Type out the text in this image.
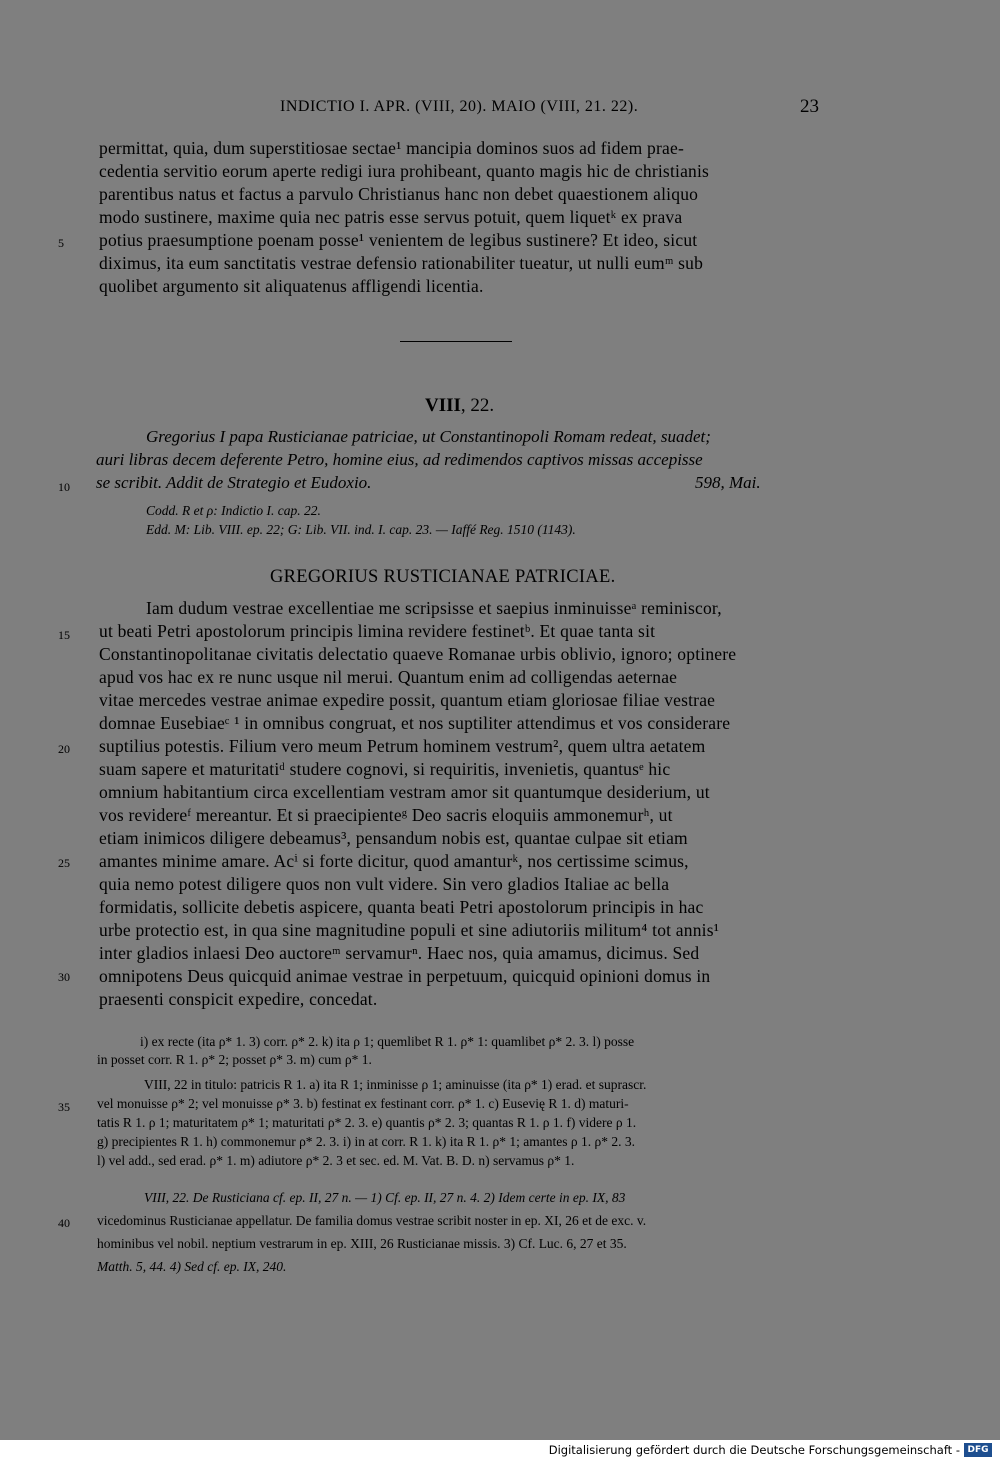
INDICTIO I. APR. (VIII, 20). MAIO (VIII, 21. 22).	23
permittat, quia, dum superstitiosae sectae¹ mancipia dominos suos ad fidem prae-
cedentia servitio eorum aperte redigi iura prohibeant, quanto magis hic de christianis
parentibus natus et factus a parvulo Christianus hanc non debet quaestionem aliquo
modo sustinere, maxime quia nec patris esse servus potuit, quem liquetᵏ ex prava
potius praesumptione poenam posse¹ venientem de legibus sustinere? Et ideo, sicut
diximus, ita eum sanctitatis vestrae defensio rationabiliter tueatur, ut nulli eumᵐ sub
quolibet argumento sit aliquatenus affligendi licentia.
5
VIII, 22.
Gregorius I papa Rusticianae patriciae, ut Constantinopoli Romam redeat, suadet;
auri libras decem deferente Petro, homine eius, ad redimendos captivos missas accepisse
se scribit. Addit de Strategio et Eudoxio.	598, Mai.
10
Codd. R et ρ: Indictio I. cap. 22.
Edd. M: Lib. VIII. ep. 22; G: Lib. VII. ind. I. cap. 23. — Iaffé Reg. 1510 (1143).
GREGORIUS RUSTICIANAE PATRICIAE.
Iam dudum vestrae excellentiae me scripsisse et saepius inminuisseᵃ reminiscor,
ut beati Petri apostolorum principis limina revidere festinetᵇ. Et quae tanta sit
Constantinopolitanae civitatis delectatio quaeve Romanae urbis oblivio, ignoro; optinere
apud vos hac ex re nunc usque nil merui. Quantum enim ad colligendas aeternae
vitae mercedes vestrae animae expedire possit, quantum etiam gloriosae filiae vestrae
domnae Eusebiaeᶜ ¹ in omnibus congruat, et nos suptiliter attendimus et vos considerare
suptilius potestis. Filium vero meum Petrum hominem vestrum², quem ultra aetatem
suam sapere et maturitatiᵈ studere cognovi, si requiritis, invenietis, quantusᵉ hic
omnium habitantium circa excellentiam vestram amor sit quantumque desiderium, ut
vos revidereᶠ mereantur. Et si praecipienteᵍ Deo sacris eloquiis ammonemurʰ, ut
etiam inimicos diligere debeamus³, pensandum nobis est, quantae culpae sit etiam
amantes minime amare. Acⁱ si forte dicitur, quod amanturᵏ, nos certissime scimus,
quia nemo potest diligere quos non vult videre. Sin vero gladios Italiae ac bella
formidatis, sollicite debetis aspicere, quanta beati Petri apostolorum principis in hac
urbe protectio est, in qua sine magnitudine populi et sine adiutoriis militum⁴ tot annis¹
inter gladios inlaesi Deo auctoreᵐ servamurⁿ. Haec nos, quia amamus, dicimus. Sed
omnipotens Deus quicquid animae vestrae in perpetuum, quicquid opinioni domus in
praesenti conspicit expedire, concedat.
15
20
25
30
i) ex recte (ita ρ* 1. 3) corr. ρ* 2. k) ita ρ 1; quemlibet R 1. ρ* 1: quamlibet ρ* 2. 3. l) posse
in posset corr. R 1. ρ* 2; posset ρ* 3. m) cum ρ* 1.
VIII, 22 in titulo: patricis R 1. a) ita R 1; inminisse ρ 1; aminuisse (ita ρ* 1) erad. et suprascr.
vel monuisse ρ* 2; vel monuisse ρ* 3. b) festinat ex festinant corr. ρ* 1. c) Eusevię R 1. d) maturi-
tatis R 1. ρ 1; maturitatem ρ* 1; maturitati ρ* 2. 3. e) quantis ρ* 2. 3; quantas R 1. ρ 1. f) videre ρ 1.
g) precipientes R 1. h) commonemur ρ* 2. 3. i) in at corr. R 1. k) ita R 1. ρ* 1; amantes ρ 1. ρ* 2. 3.
l) vel add., sed erad. ρ* 1. m) adiutore ρ* 2. 3 et sec. ed. M. Vat. B. D. n) servamus ρ* 1.
35
VIII, 22. De Rusticiana cf. ep. II, 27 n. — 1) Cf. ep. II, 27 n. 4. 2) Idem certe in ep. IX, 83
vicedominus Rusticianae appellatur. De familia domus vestrae scribit noster in ep. XI, 26 et de exc. v.
hominibus vel nobil. neptium vestrarum in ep. XIII, 26 Rusticianae missis. 3) Cf. Luc. 6, 27 et 35.
Matth. 5, 44. 4) Sed cf. ep. IX, 240.
40
Digitalisierung gefördert durch die Deutsche Forschungsgemeinschaft - DFG
